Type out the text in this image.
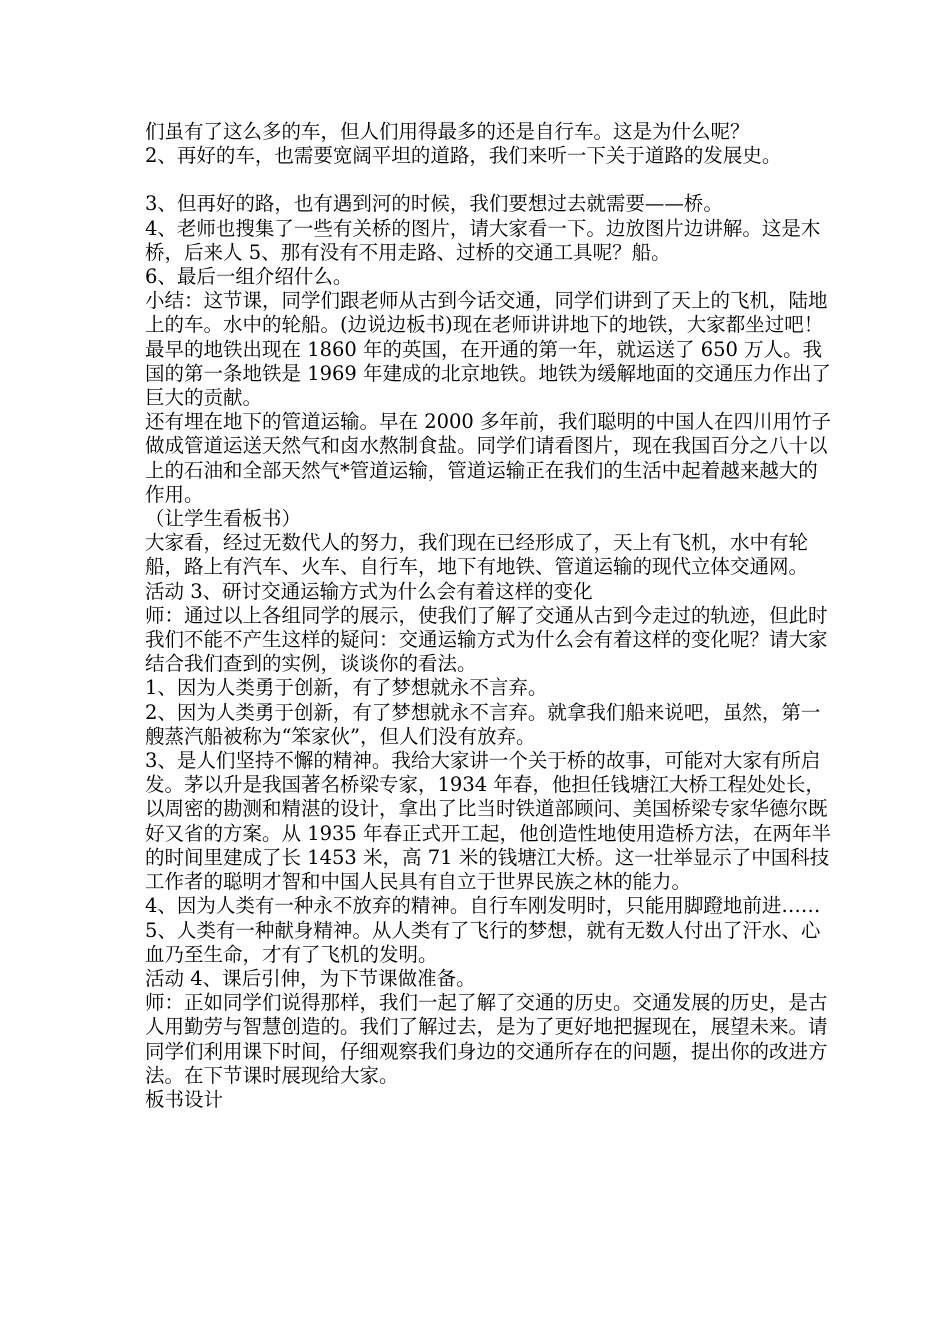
们虽有了这么多的车，但人们用得最多的还是自行车。这是为什么呢？

2、再好的车，也需要宽阔平坦的道路，我们来听一下关于道路的发展史。

3、但再好的路，也有遇到河的时候，我们要想过去就需要——桥。

4、老师也搜集了一些有关桥的图片，请大家看一下。边放图片边讲解。这是木桥，后来人 5、那有没有不用走路、过桥的交通工具呢？船。

6、最后一组介绍什么。

小结：这节课，同学们跟老师从古到今话交通，同学们讲到了天上的飞机，陆地上的车。水中的轮船。(边说边板书)现在老师讲讲地下的地铁，大家都坐过吧！最早的地铁出现在 1860 年的英国，在开通的第一年，就运送了 650 万人。我国的第一条地铁是 1969 年建成的北京地铁。地铁为缓解地面的交通压力作出了巨大的贡献。

还有埋在地下的管道运输。早在 2000 多年前，我们聪明的中国人在四川用竹子做成管道运送天然气和卤水熬制食盐。同学们请看图片，现在我国百分之八十以上的石油和全部天然气*管道运输，管道运输正在我们的生活中起着越来越大的作用。

（让学生看板书）

大家看，经过无数代人的努力，我们现在已经形成了，天上有飞机，水中有轮船，路上有汽车、火车、自行车，地下有地铁、管道运输的现代立体交通网。

活动 3、研讨交通运输方式为什么会有着这样的变化

师：通过以上各组同学的展示，使我们了解了交通从古到今走过的轨迹，但此时我们不能不产生这样的疑问：交通运输方式为什么会有着这样的变化呢？请大家结合我们查到的实例，谈谈你的看法。

1、因为人类勇于创新，有了梦想就永不言弃。

2、因为人类勇于创新，有了梦想就永不言弃。就拿我们船来说吧，虽然，第一艘蒸汽船被称为“笨家伙”，但人们没有放弃。

3、是人们坚持不懈的精神。我给大家讲一个关于桥的故事，可能对大家有所启发。茅以升是我国著名桥梁专家，1934 年春，他担任钱塘江大桥工程处处长，以周密的勘测和精湛的设计，拿出了比当时铁道部顾问、美国桥梁专家华德尔既好又省的方案。从 1935 年春正式开工起，他创造性地使用造桥方法，在两年半的时间里建成了长 1453 米，高 71 米的钱塘江大桥。这一壮举显示了中国科技工作者的聪明才智和中国人民具有自立于世界民族之林的能力。

4、因为人类有一种永不放弃的精神。自行车刚发明时，只能用脚蹬地前进……

5、人类有一种献身精神。从人类有了飞行的梦想，就有无数人付出了汗水、心血乃至生命，才有了飞机的发明。

活动 4、课后引伸，为下节课做准备。

师：正如同学们说得那样，我们一起了解了交通的历史。交通发展的历史，是古人用勤劳与智慧创造的。我们了解过去，是为了更好地把握现在，展望未来。请同学们利用课下时间，仔细观察我们身边的交通所存在的问题，提出你的改进方法。在下节课时展现给大家。

板书设计
